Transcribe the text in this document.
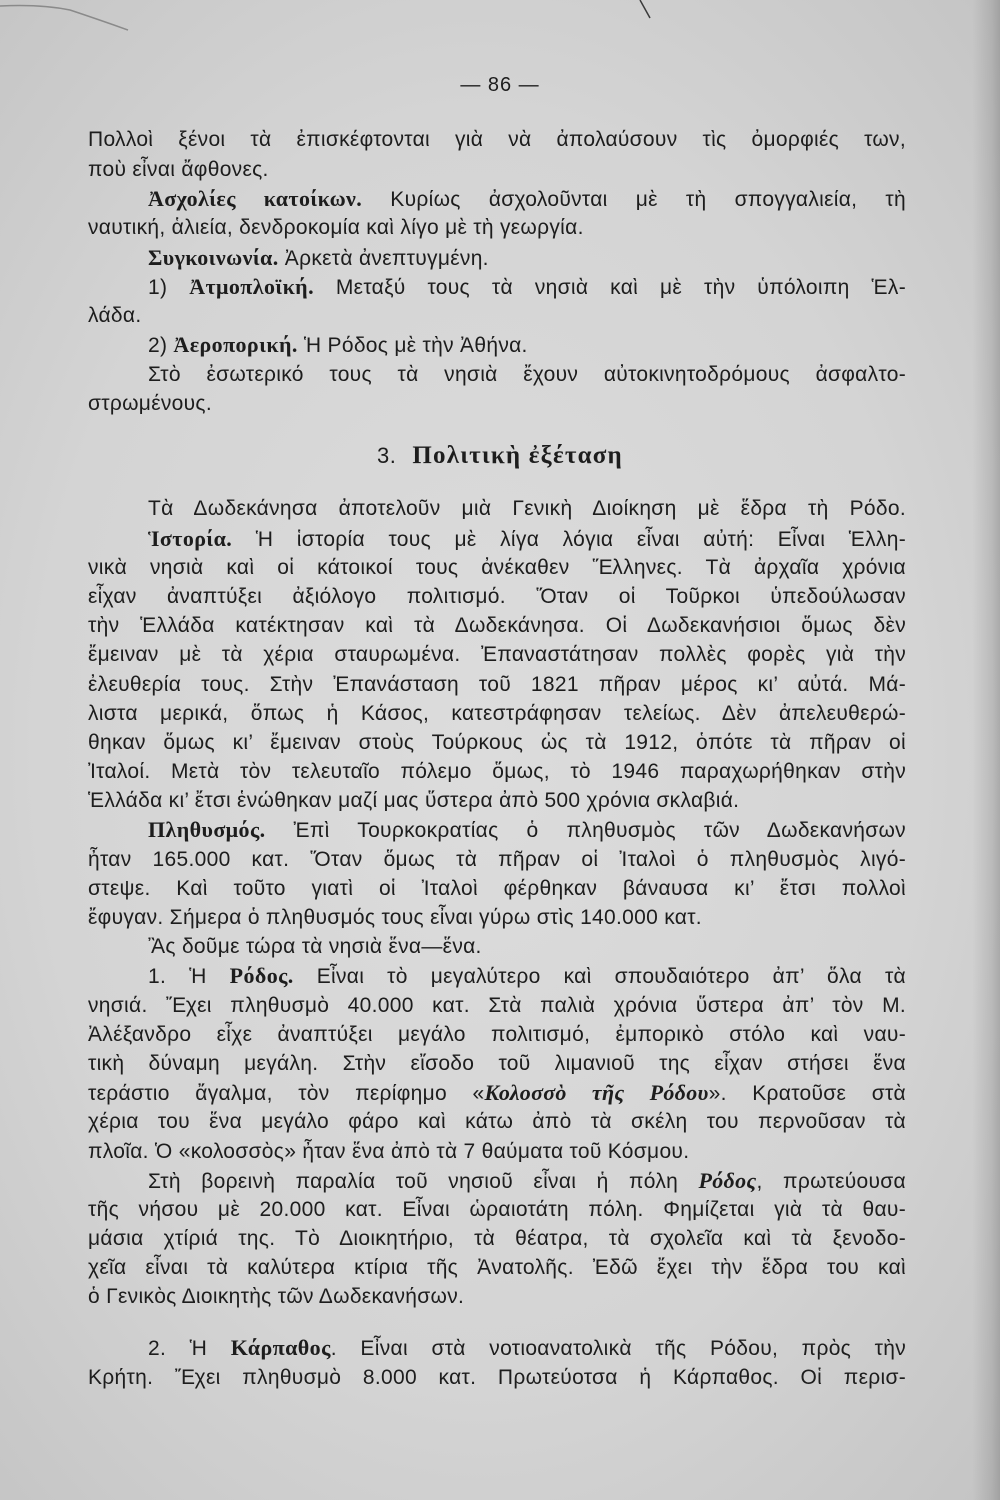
— 86 —
Πολλοὶ ξένοι τὰ ἐπισκέφτονται γιὰ νὰ ἀπολαύσουν τὶς ὀμορφιές των,
ποὺ εἶναι ἄφθονες.
Ἀσχολίες κατοίκων. Κυρίως ἀσχολοῦνται μὲ τὴ σπογγαλιεία, τὴ
ναυτική, ἁλιεία, δενδροκομία καὶ λίγο μὲ τὴ γεωργία.
Συγκοινωνία. Ἀρκετὰ ἀνεπτυγμένη.
1) Ἀτμοπλοϊκή. Μεταξύ τους τὰ νησιὰ καὶ μὲ τὴν ὑπόλοιπη Ἑλ-
λάδα.
2) Ἀεροπορική. Ἡ Ρόδος μὲ τὴν Ἀθήνα.
Στὸ ἐσωτερικό τους τὰ νησιὰ ἔχουν αὐτοκινητοδρόμους ἀσφαλτο-
στρωμένους.
3. Πολιτικὴ ἐξέταση
Τὰ Δωδεκάνησα ἀποτελοῦν μιὰ Γενικὴ Διοίκηση μὲ ἕδρα τὴ Ρόδο.
Ἱστορία. Ἡ ἱστορία τους μὲ λίγα λόγια εἶναι αὐτή: Εἶναι Ἑλλη-
νικὰ νησιὰ καὶ οἱ κάτοικοί τους ἀνέκαθεν Ἕλληνες. Τὰ ἀρχαῖα χρόνια
εἶχαν ἀναπτύξει ἀξιόλογο πολιτισμό. Ὅταν οἱ Τοῦρκοι ὑπεδούλωσαν
τὴν Ἑλλάδα κατέκτησαν καὶ τὰ Δωδεκάνησα. Οἱ Δωδεκανήσιοι ὅμως δὲν
ἔμειναν μὲ τὰ χέρια σταυρωμένα. Ἐπαναστάτησαν πολλὲς φορὲς γιὰ τὴν
ἐλευθερία τους. Στὴν Ἐπανάσταση τοῦ 1821 πῆραν μέρος κι’ αὐτά. Μά-
λιστα μερικά, ὅπως ἡ Κάσος, κατεστράφησαν τελείως. Δὲν ἀπελευθερώ-
θηκαν ὅμως κι’ ἔμειναν στοὺς Τούρκους ὡς τὰ 1912, ὁπότε τὰ πῆραν οἱ
Ἰταλοί. Μετὰ τὸν τελευταῖο πόλεμο ὅμως, τὸ 1946 παραχωρήθηκαν στὴν
Ἑλλάδα κι’ ἔτσι ἑνώθηκαν μαζί μας ὕστερα ἀπὸ 500 χρόνια σκλαβιά.
Πληθυσμός. Ἐπὶ Τουρκοκρατίας ὁ πληθυσμὸς τῶν Δωδεκανήσων
ἦταν 165.000 κατ. Ὅταν ὅμως τὰ πῆραν οἱ Ἰταλοὶ ὁ πληθυσμὸς λιγό-
στεψε. Καὶ τοῦτο γιατὶ οἱ Ἰταλοὶ φέρθηκαν βάναυσα κι’ ἔτσι πολλοὶ
ἔφυγαν. Σήμερα ὁ πληθυσμός τους εἶναι γύρω στὶς 140.000 κατ.
Ἂς δοῦμε τώρα τὰ νησιὰ ἕνα—ἕνα.
1. Ἡ Ρόδος. Εἶναι τὸ μεγαλύτερο καὶ σπουδαιότερο ἀπ’ ὅλα τὰ
νησιά. Ἔχει πληθυσμὸ 40.000 κατ. Στὰ παλιὰ χρόνια ὕστερα ἀπ’ τὸν Μ.
Ἀλέξανδρο εἶχε ἀναπτύξει μεγάλο πολιτισμό, ἐμπορικὸ στόλο καὶ ναυ-
τικὴ δύναμη μεγάλη. Στὴν εἴσοδο τοῦ λιμανιοῦ της εἶχαν στήσει ἕνα
τεράστιο ἄγαλμα, τὸν περίφημο «Κολοσσὸ τῆς Ρόδου». Κρατοῦσε στὰ
χέρια του ἕνα μεγάλο φάρο καὶ κάτω ἀπὸ τὰ σκέλη του περνοῦσαν τὰ
πλοῖα. Ὁ «κολοσσὸς» ἦταν ἕνα ἀπὸ τὰ 7 θαύματα τοῦ Κόσμου.
Στὴ βορεινὴ παραλία τοῦ νησιοῦ εἶναι ἡ πόλη Ρόδος, πρωτεύουσα
τῆς νήσου μὲ 20.000 κατ. Εἶναι ὡραιοτάτη πόλη. Φημίζεται γιὰ τὰ θαυ-
μάσια χτίριά της. Τὸ Διοικητήριο, τὰ θέατρα, τὰ σχολεῖα καὶ τὰ ξενοδο-
χεῖα εἶναι τὰ καλύτερα κτίρια τῆς Ἀνατολῆς. Ἐδῶ ἔχει τὴν ἕδρα του καὶ
ὁ Γενικὸς Διοικητὴς τῶν Δωδεκανήσων.
2. Ἡ Κάρπαθος. Εἶναι στὰ νοτιοανατολικὰ τῆς Ρόδου, πρὸς τὴν
Κρήτη. Ἔχει πληθυσμὸ 8.000 κατ. Πρωτεύοτσα ἡ Κάρπαθος. Οἱ περισ-
